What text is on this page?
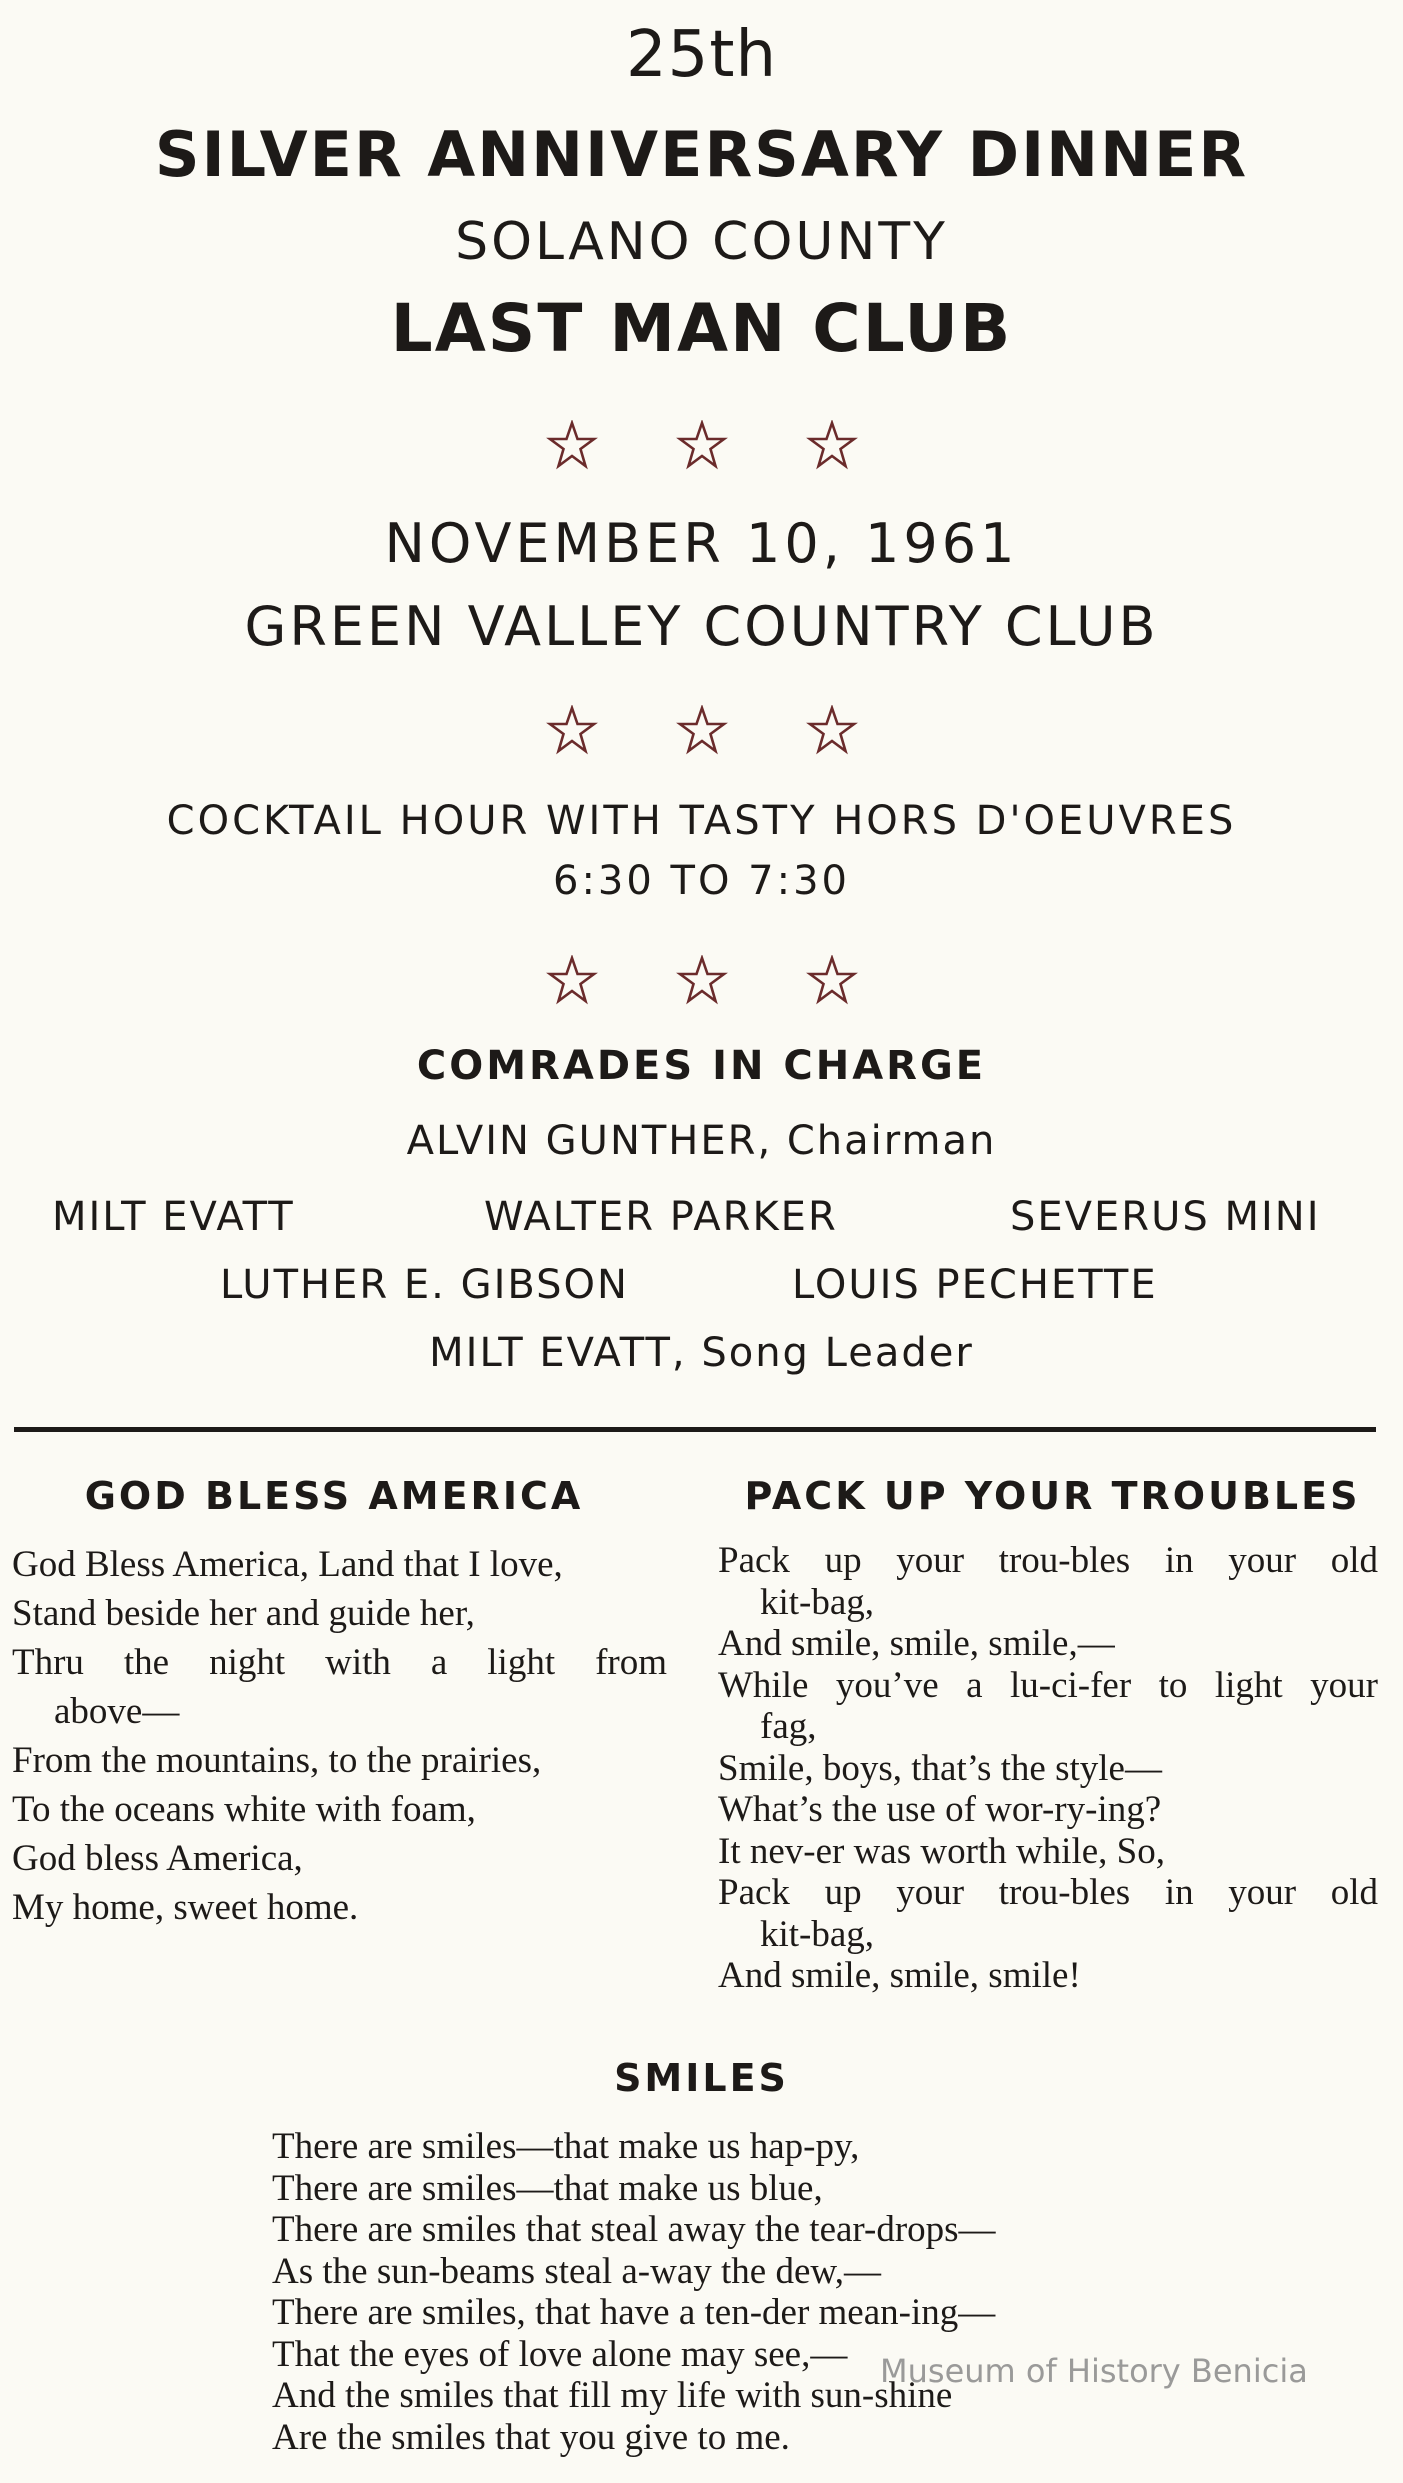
25th
SILVER ANNIVERSARY DINNER
SOLANO COUNTY
LAST MAN CLUB
NOVEMBER 10, 1961
GREEN VALLEY COUNTRY CLUB
COCKTAIL HOUR WITH TASTY HORS D'OEUVRES
6:30 TO 7:30
COMRADES IN CHARGE
ALVIN GUNTHER, Chairman
MILT EVATT	WALTER PARKER	SEVERUS MINI
LUTHER E. GIBSON	LOUIS PECHETTE
MILT EVATT, Song Leader
GOD BLESS AMERICA
God Bless America, Land that I love,
Stand beside her and guide her,
Thru the night with a light from
above—
From the mountains, to the prairies,
To the oceans white with foam,
God bless America,
My home, sweet home.
PACK UP YOUR TROUBLES
Pack up your trou-bles in your old
kit-bag,
And smile, smile, smile,—
While you’ve a lu-ci-fer to light your
fag,
Smile, boys, that’s the style—
What’s the use of wor-ry-ing?
It nev-er was worth while, So,
Pack up your trou-bles in your old
kit-bag,
And smile, smile, smile!
SMILES
There are smiles—that make us hap-py,
There are smiles—that make us blue,
There are smiles that steal away the tear-drops—
As the sun-beams steal a-way the dew,—
There are smiles, that have a ten-der mean-ing—
That the eyes of love alone may see,—
And the smiles that fill my life with sun-shine
Are the smiles that you give to me.
Museum of History Benicia
